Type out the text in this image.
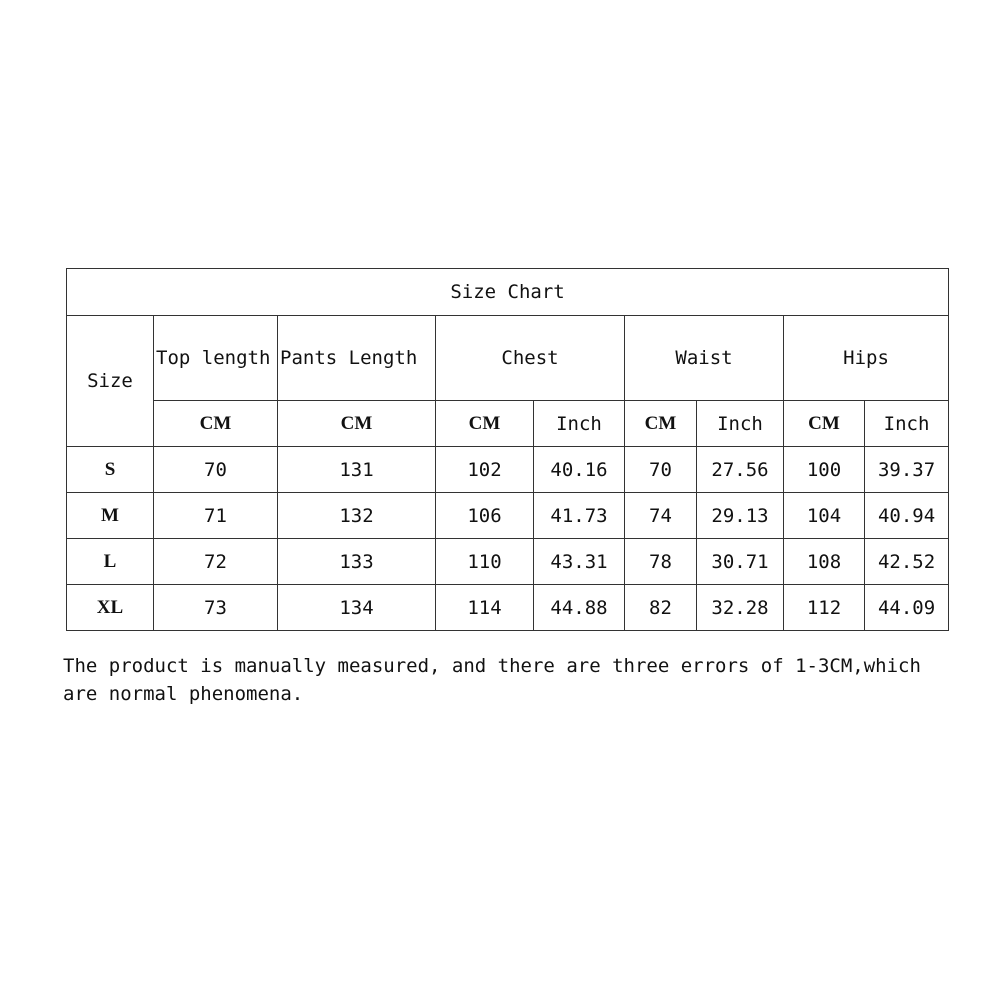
Size Chart								
Size	Top length	Pants Length	Chest		Waist		Hips	
	CM	CM	CM	Inch	CM	Inch	CM	Inch
S	70	131	102	40.16	70	27.56	100	39.37
M	71	132	106	41.73	74	29.13	104	40.94
L	72	133	110	43.31	78	30.71	108	42.52
XL	73	134	114	44.88	82	32.28	112	44.09

The product is manually measured, and there are three errors of 1-3CM,which are normal phenomena.
